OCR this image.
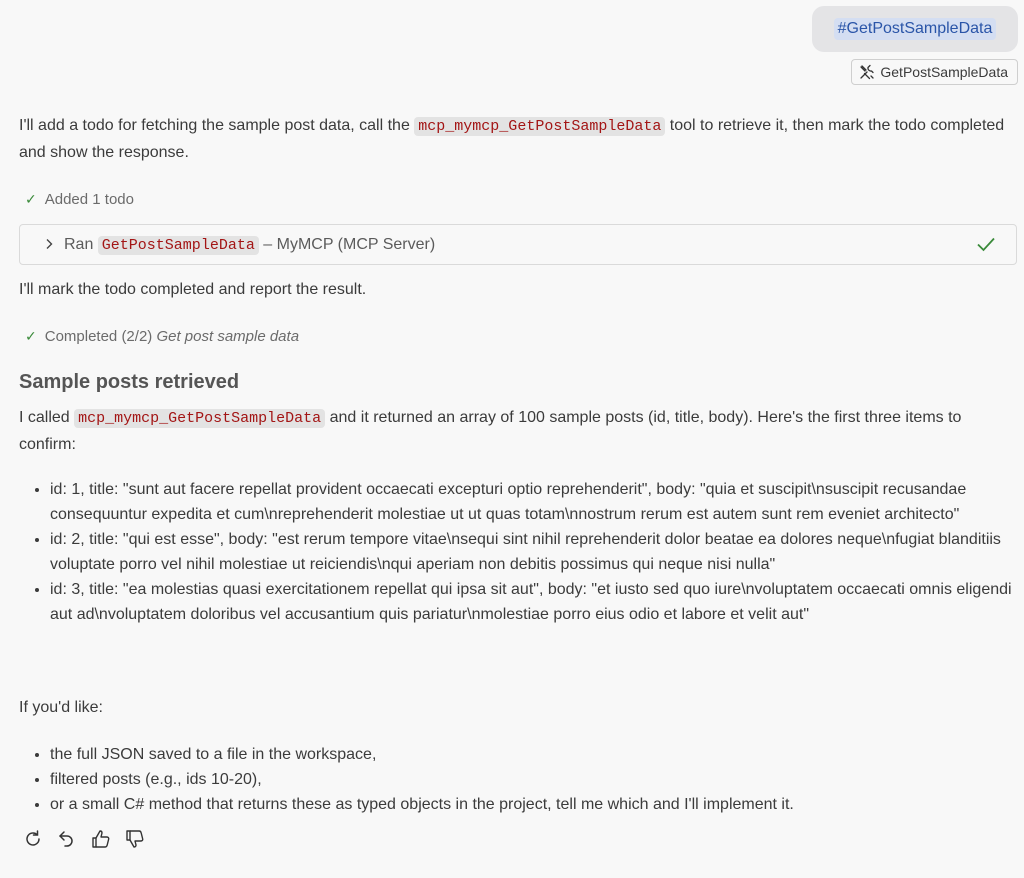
#GetPostSampleData
GetPostSampleData
I'll add a todo for fetching the sample post data, call the mcp_mymcp_GetPostSampleData tool to retrieve it, then mark the todo completed and show the response.
✓ Added 1 todo
Ran GetPostSampleData – MyMCP (MCP Server)
I'll mark the todo completed and report the result.
✓ Completed (2/2) Get post sample data
Sample posts retrieved
I called mcp_mymcp_GetPostSampleData and it returned an array of 100 sample posts (id, title, body). Here's the first three items to confirm:
• id: 1, title: "sunt aut facere repellat provident occaecati excepturi optio reprehenderit", body: "quia et suscipit\nsuscipit recusandae consequuntur expedita et cum\nreprehenderit molestiae ut ut quas totam\nnostrum rerum est autem sunt rem eveniet architecto"
• id: 2, title: "qui est esse", body: "est rerum tempore vitae\nsequi sint nihil reprehenderit dolor beatae ea dolores neque\nfugiat blanditiis voluptate porro vel nihil molestiae ut reiciendis\nqui aperiam non debitis possimus qui neque nisi nulla"
• id: 3, title: "ea molestias quasi exercitationem repellat qui ipsa sit aut", body: "et iusto sed quo iure\nvoluptatem occaecati omnis eligendi aut ad\nvoluptatem doloribus vel accusantium quis pariatur\nmolestiae porro eius odio et labore et velit aut"
If you'd like:
• the full JSON saved to a file in the workspace,
• filtered posts (e.g., ids 10-20),
• or a small C# method that returns these as typed objects in the project, tell me which and I'll implement it.
